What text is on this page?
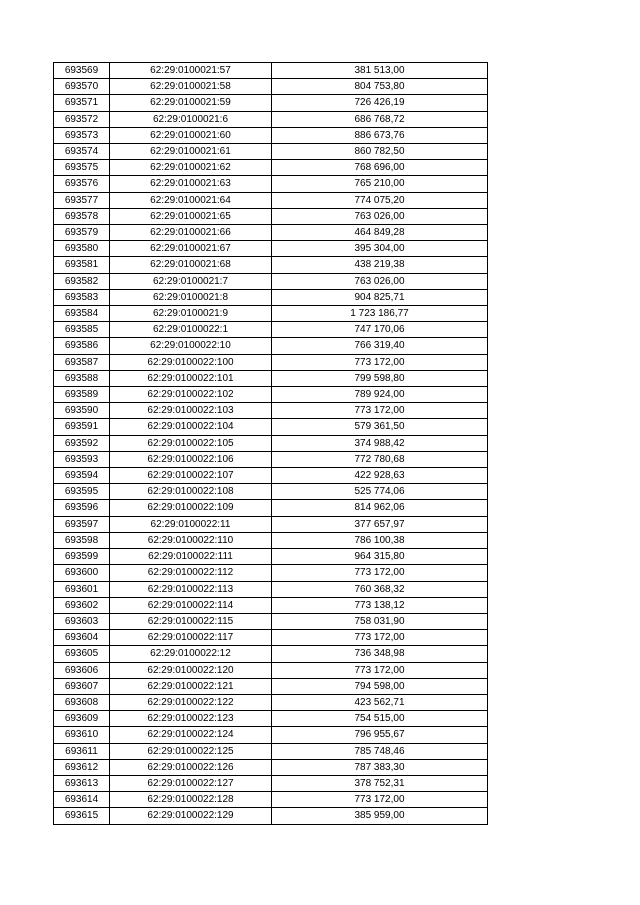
693569	62:29:0100021:57	381 513,00
693570	62:29:0100021:58	804 753,80
693571	62:29:0100021:59	726 426,19
693572	62:29:0100021:6	686 768,72
693573	62:29:0100021:60	886 673,76
693574	62:29:0100021:61	860 782,50
693575	62:29:0100021:62	768 696,00
693576	62:29:0100021:63	765 210,00
693577	62:29:0100021:64	774 075,20
693578	62:29:0100021:65	763 026,00
693579	62:29:0100021:66	464 849,28
693580	62:29:0100021:67	395 304,00
693581	62:29:0100021:68	438 219,38
693582	62:29:0100021:7	763 026,00
693583	62:29:0100021:8	904 825,71
693584	62:29:0100021:9	1 723 186,77
693585	62:29:0100022:1	747 170,06
693586	62:29:0100022:10	766 319,40
693587	62:29:0100022:100	773 172,00
693588	62:29:0100022:101	799 598,80
693589	62:29:0100022:102	789 924,00
693590	62:29:0100022:103	773 172,00
693591	62:29:0100022:104	579 361,50
693592	62:29:0100022:105	374 988,42
693593	62:29:0100022:106	772 780,68
693594	62:29:0100022:107	422 928,63
693595	62:29:0100022:108	525 774,06
693596	62:29:0100022:109	814 962,06
693597	62:29:0100022:11	377 657,97
693598	62:29:0100022:110	786 100,38
693599	62:29:0100022:111	964 315,80
693600	62:29:0100022:112	773 172,00
693601	62:29:0100022:113	760 368,32
693602	62:29:0100022:114	773 138,12
693603	62:29:0100022:115	758 031,90
693604	62:29:0100022:117	773 172,00
693605	62:29:0100022:12	736 348,98
693606	62:29:0100022:120	773 172,00
693607	62:29:0100022:121	794 598,00
693608	62:29:0100022:122	423 562,71
693609	62:29:0100022:123	754 515,00
693610	62:29:0100022:124	796 955,67
693611	62:29:0100022:125	785 748,46
693612	62:29:0100022:126	787 383,30
693613	62:29:0100022:127	378 752,31
693614	62:29:0100022:128	773 172,00
693615	62:29:0100022:129	385 959,00
